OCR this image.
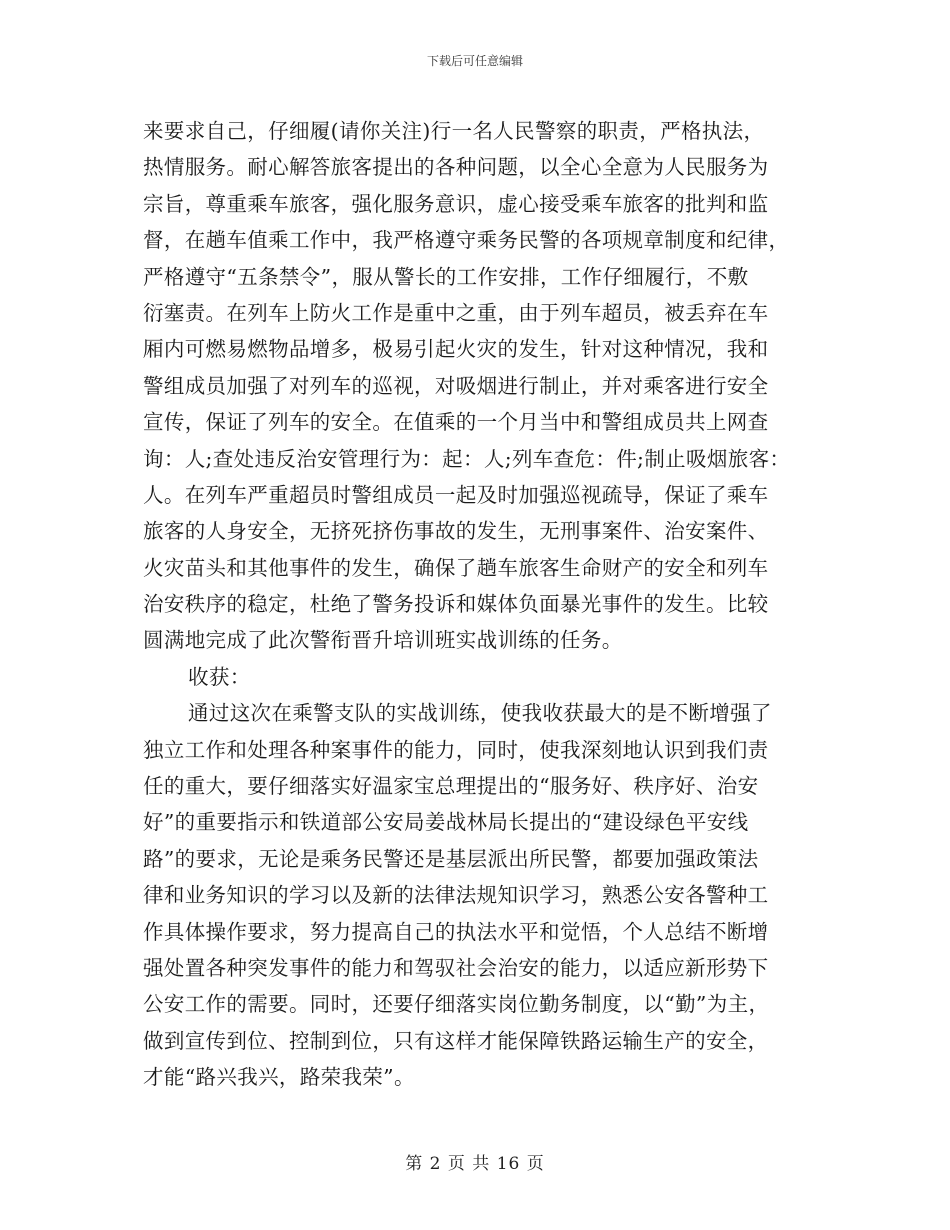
下载后可任意编辑
来要求自己，仔细履(请你关注)行一名人民警察的职责，严格执法，
热情服务。耐心解答旅客提出的各种问题，以全心全意为人民服务为
宗旨，尊重乘车旅客，强化服务意识，虚心接受乘车旅客的批判和监
督，在趟车值乘工作中，我严格遵守乘务民警的各项规章制度和纪律，
严格遵守“五条禁令”，服从警长的工作安排，工作仔细履行，不敷
衍塞责。在列车上防火工作是重中之重，由于列车超员，被丢弃在车
厢内可燃易燃物品增多，极易引起火灾的发生，针对这种情况，我和
警组成员加强了对列车的巡视，对吸烟进行制止，并对乘客进行安全
宣传，保证了列车的安全。在值乘的一个月当中和警组成员共上网查
询：人;查处违反治安管理行为：起：人;列车查危：件;制止吸烟旅客：
人。在列车严重超员时警组成员一起及时加强巡视疏导，保证了乘车
旅客的人身安全，无挤死挤伤事故的发生，无刑事案件、治安案件、
火灾苗头和其他事件的发生，确保了趟车旅客生命财产的安全和列车
治安秩序的稳定，杜绝了警务投诉和媒体负面暴光事件的发生。比较
圆满地完成了此次警衔晋升培训班实战训练的任务。
收获：
通过这次在乘警支队的实战训练，使我收获最大的是不断增强了
独立工作和处理各种案事件的能力，同时，使我深刻地认识到我们责
任的重大，要仔细落实好温家宝总理提出的“服务好、秩序好、治安
好”的重要指示和铁道部公安局姜战林局长提出的“建设绿色平安线
路”的要求，无论是乘务民警还是基层派出所民警，都要加强政策法
律和业务知识的学习以及新的法律法规知识学习，熟悉公安各警种工
作具体操作要求，努力提高自己的执法水平和觉悟，个人总结不断增
强处置各种突发事件的能力和驾驭社会治安的能力，以适应新形势下
公安工作的需要。同时，还要仔细落实岗位勤务制度，以“勤”为主，
做到宣传到位、控制到位，只有这样才能保障铁路运输生产的安全，
才能“路兴我兴，路荣我荣”。
第 2 页 共 16 页
